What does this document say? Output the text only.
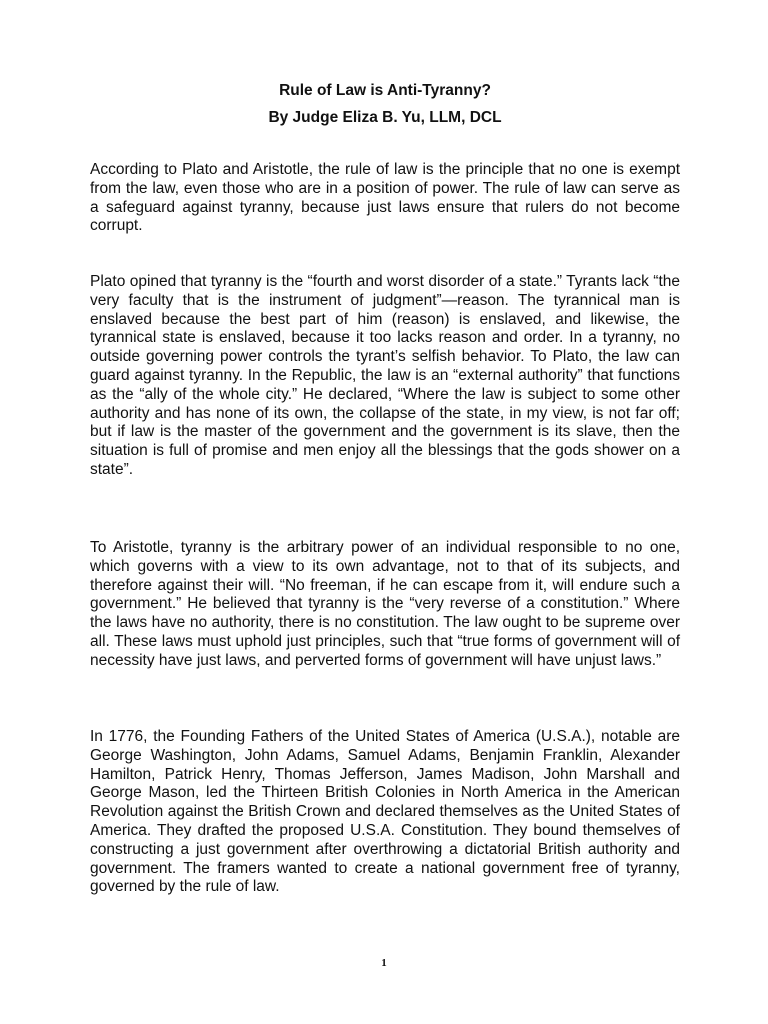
Rule of Law is Anti-Tyranny?
By Judge Eliza B. Yu, LLM, DCL

According to Plato and Aristotle, the rule of law is the principle that no one is exempt from the law, even those who are in a position of power. The rule of law can serve as a safeguard against tyranny, because just laws ensure that rulers do not become corrupt.

Plato opined that tyranny is the “fourth and worst disorder of a state.” Tyrants lack “the very faculty that is the instrument of judgment”—reason. The tyrannical man is enslaved because the best part of him (reason) is enslaved, and likewise, the tyrannical state is enslaved, because it too lacks reason and order. In a tyranny, no outside governing power controls the tyrant’s selfish behavior. To Plato, the law can guard against tyranny. In the Republic, the law is an “external authority” that functions as the “ally of the whole city.” He declared, “Where the law is subject to some other authority and has none of its own, the collapse of the state, in my view, is not far off; but if law is the master of the government and the government is its slave, then the situation is full of promise and men enjoy all the blessings that the gods shower on a state”.

To Aristotle, tyranny is the arbitrary power of an individual responsible to no one, which governs with a view to its own advantage, not to that of its subjects, and therefore against their will. “No freeman, if he can escape from it, will endure such a government.” He believed that tyranny is the “very reverse of a constitution.” Where the laws have no authority, there is no constitution. The law ought to be supreme over all. These laws must uphold just principles, such that “true forms of government will of necessity have just laws, and perverted forms of government will have unjust laws.”

In 1776, the Founding Fathers of the United States of America (U.S.A.), notable are George Washington, John Adams, Samuel Adams, Benjamin Franklin, Alexander Hamilton, Patrick Henry, Thomas Jefferson, James Madison, John Marshall and George Mason, led the Thirteen British Colonies in North America in the American Revolution against the British Crown and declared themselves as the United States of America. They drafted the proposed U.S.A. Constitution. They bound themselves of constructing a just government after overthrowing a dictatorial British authority and government. The framers wanted to create a national government free of tyranny, governed by the rule of law.

1
